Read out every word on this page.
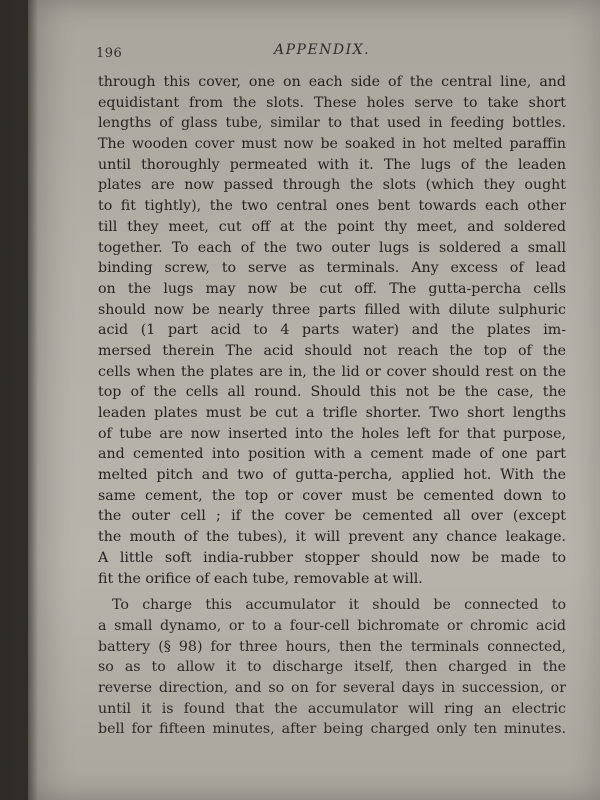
196	APPENDIX.
through this cover, one on each side of the central line, and
equidistant from the slots. These holes serve to take short
lengths of glass tube, similar to that used in feeding bottles.
The wooden cover must now be soaked in hot melted paraffin
until thoroughly permeated with it. The lugs of the leaden
plates are now passed through the slots (which they ought
to fit tightly), the two central ones bent towards each other
till they meet, cut off at the point thy meet, and soldered
together. To each of the two outer lugs is soldered a small
binding screw, to serve as terminals. Any excess of lead
on the lugs may now be cut off. The gutta-percha cells
should now be nearly three parts filled with dilute sulphuric
acid (1 part acid to 4 parts water) and the plates im-
mersed therein The acid should not reach the top of the
cells when the plates are in, the lid or cover should rest on the
top of the cells all round. Should this not be the case, the
leaden plates must be cut a trifle shorter. Two short lengths
of tube are now inserted into the holes left for that purpose,
and cemented into position with a cement made of one part
melted pitch and two of gutta-percha, applied hot. With the
same cement, the top or cover must be cemented down to
the outer cell ; if the cover be cemented all over (except
the mouth of the tubes), it will prevent any chance leakage.
A little soft india-rubber stopper should now be made to
fit the orifice of each tube, removable at will.
To charge this accumulator it should be connected to
a small dynamo, or to a four-cell bichromate or chromic acid
battery (§ 98) for three hours, then the terminals connected,
so as to allow it to discharge itself, then charged in the
reverse direction, and so on for several days in succession, or
until it is found that the accumulator will ring an electric
bell for fifteen minutes, after being charged only ten minutes.
